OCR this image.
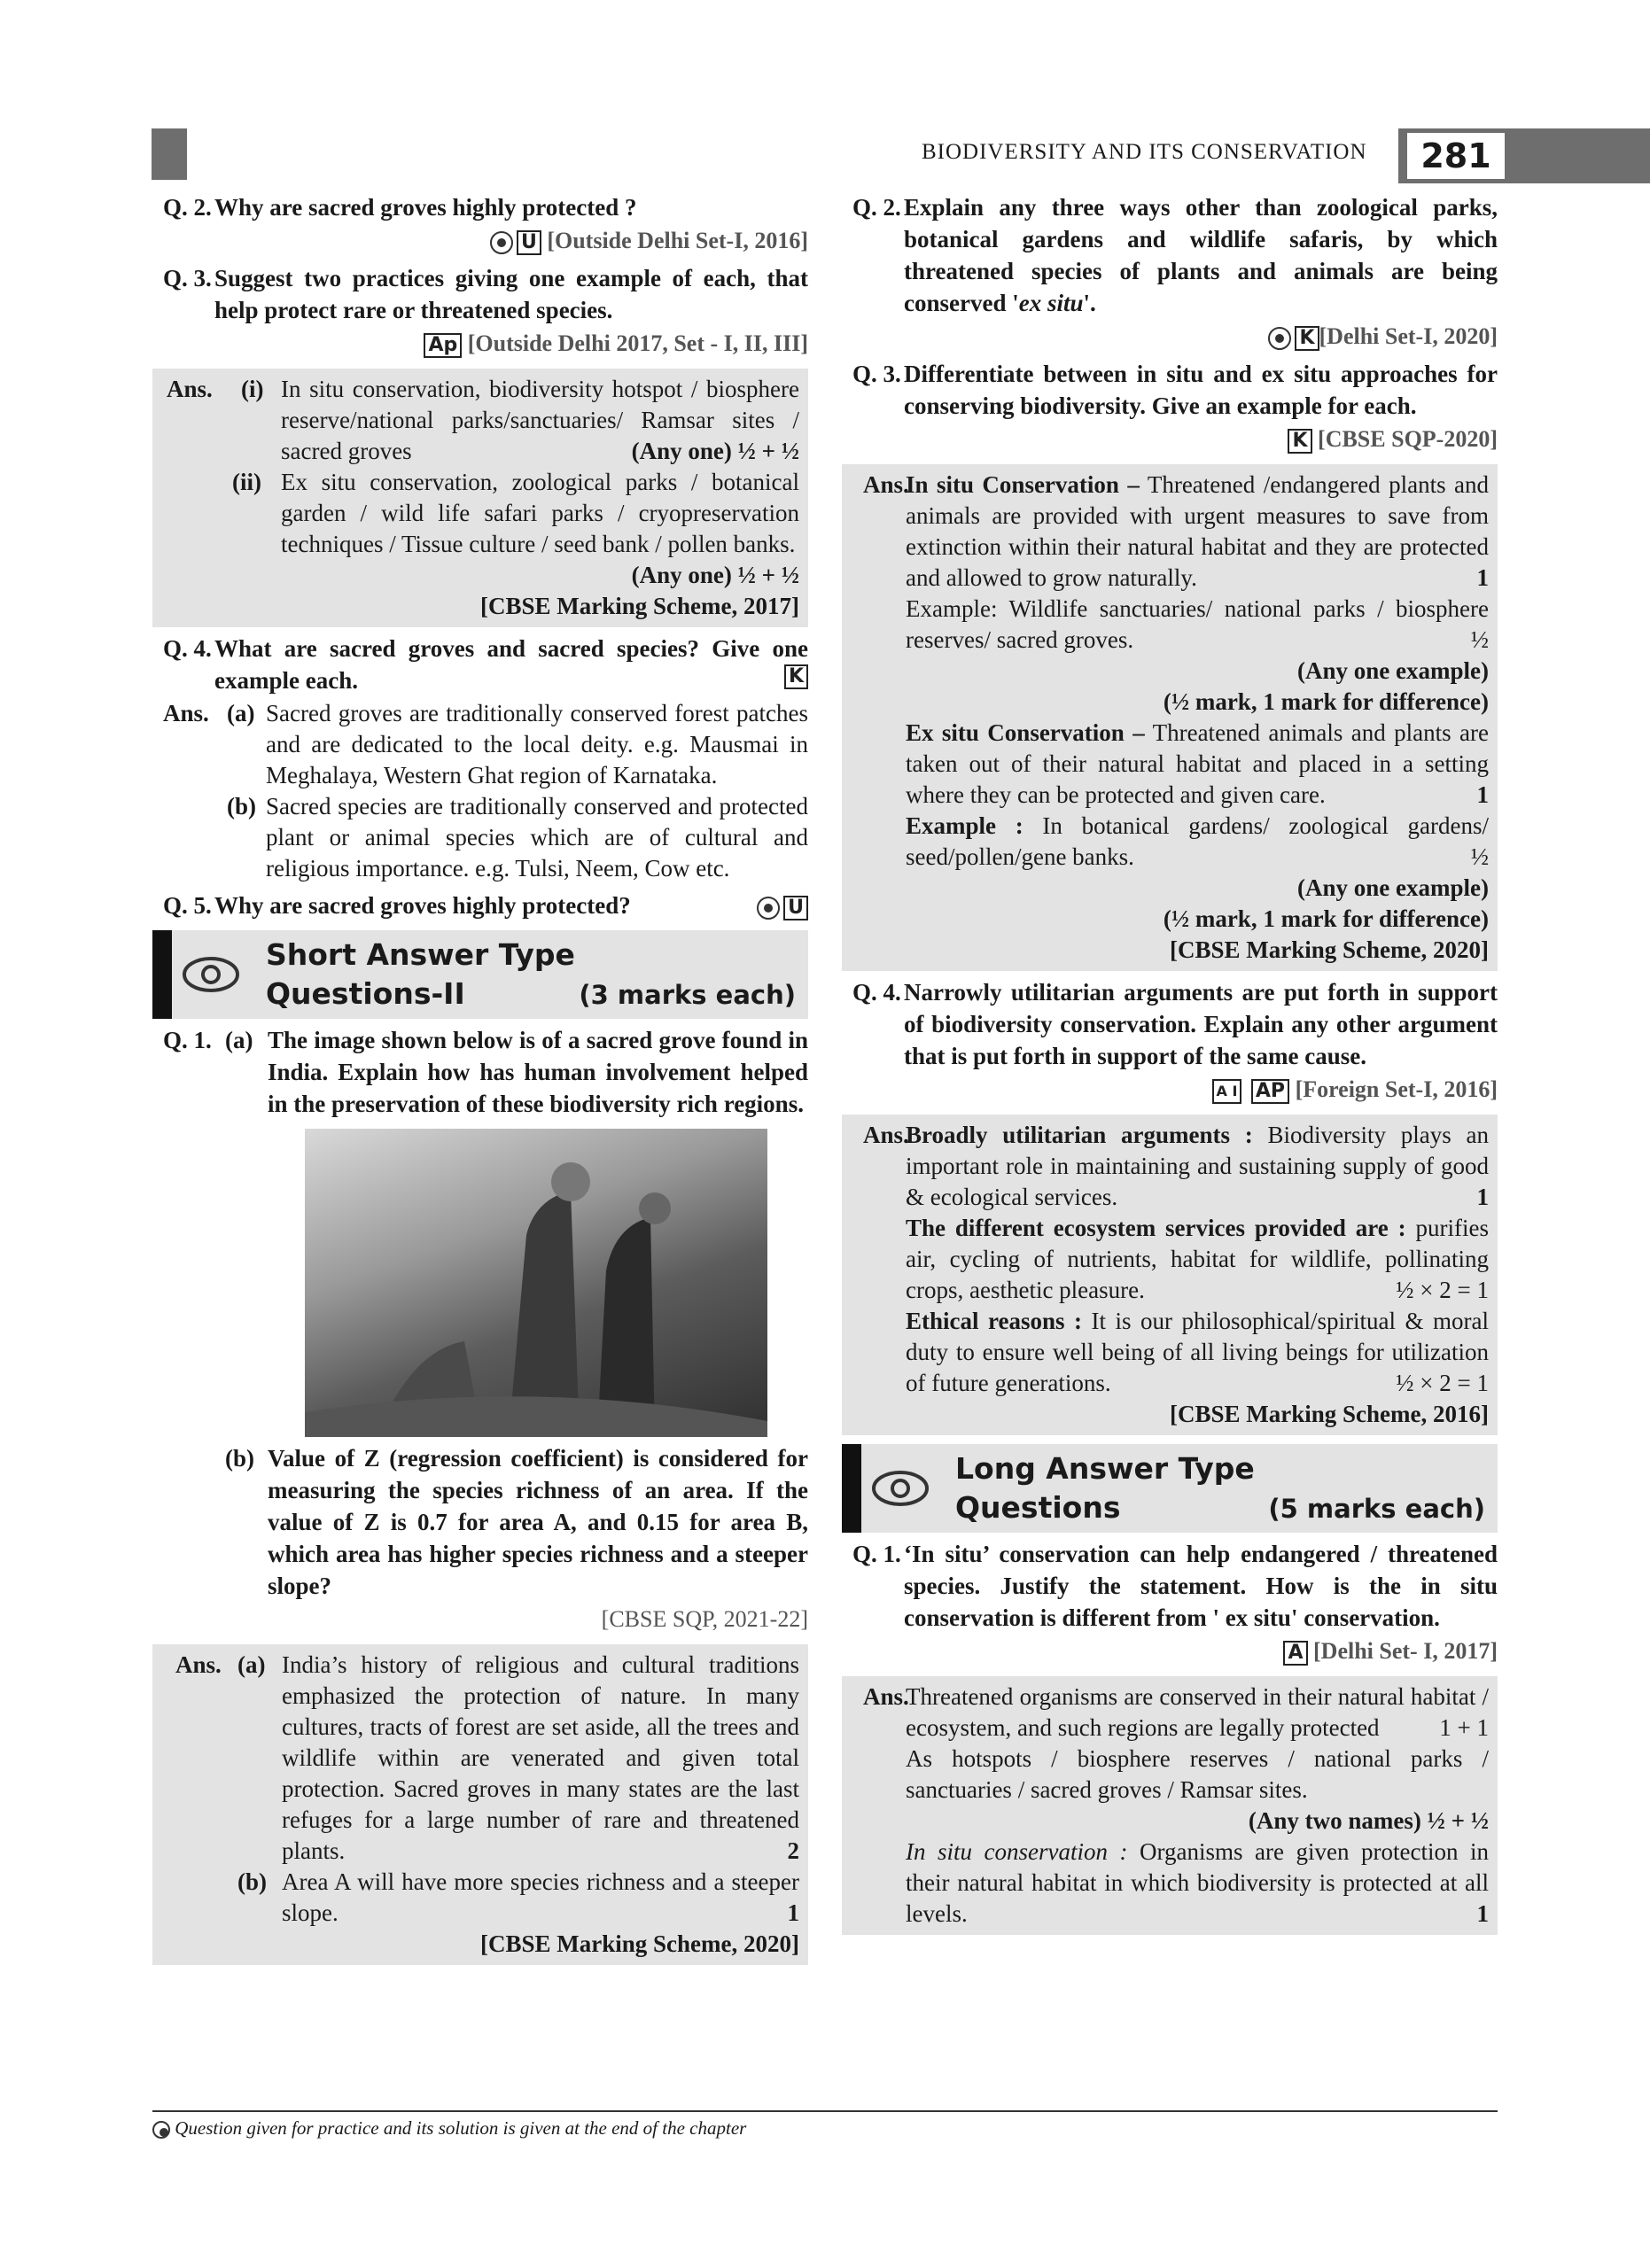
BIODIVERSITY AND ITS CONSERVATION	281
Q. 2. Why are sacred groves highly protected ?
U [Outside Delhi Set-I, 2016]
Q. 3. Suggest two practices giving one example of each, that help protect rare or threatened species.
Ap [Outside Delhi 2017, Set - I, II, III]
Ans. (i) In situ conservation, biodiversity hotspot / biosphere reserve/national parks/sanctuaries/ Ramsar sites / sacred groves	(Any one) ½ + ½
(ii) Ex situ conservation, zoological parks / botanical garden / wild life safari parks / cryopreservation techniques / Tissue culture / seed bank / pollen banks.
(Any one) ½ + ½
[CBSE Marking Scheme, 2017]
Q. 4. What are sacred groves and sacred species? Give one example each.	K
Ans. (a) Sacred groves are traditionally conserved forest patches and are dedicated to the local deity. e.g. Mausmai in Meghalaya, Western Ghat region of Karnataka.
(b) Sacred species are traditionally conserved and protected plant or animal species which are of cultural and religious importance. e.g. Tulsi, Neem, Cow etc.
Q. 5. Why are sacred groves highly protected?	U
Short Answer Type
Questions-II	(3 marks each)
Q. 1. (a) The image shown below is of a sacred grove found in India. Explain how has human involvement helped in the preservation of these biodiversity rich regions.
(b) Value of Z (regression coefficient) is considered for measuring the species richness of an area. If the value of Z is 0.7 for area A, and 0.15 for area B, which area has higher species richness and a steeper slope?
[CBSE SQP, 2021-22]
Ans. (a) India’s history of religious and cultural traditions emphasized the protection of nature. In many cultures, tracts of forest are set aside, all the trees and wildlife within are venerated and given total protection. Sacred groves in many states are the last refuges for a large number of rare and threatened plants.	2
(b) Area A will have more species richness and a steeper slope.	1
[CBSE Marking Scheme, 2020]
Q. 2. Explain any three ways other than zoological parks, botanical gardens and wildlife safaris, by which threatened species of plants and animals are being conserved 'ex situ'.
K [Delhi Set-I, 2020]
Q. 3. Differentiate between in situ and ex situ approaches for conserving biodiversity. Give an example for each.
K [CBSE SQP-2020]
Ans.
In situ Conservation – Threatened /endangered plants and animals are provided with urgent measures to save from extinction within their natural habitat and they are protected and allowed to grow naturally.	1
Example: Wildlife sanctuaries/ national parks / biosphere reserves/ sacred groves.	½
(Any one example)
(½ mark, 1 mark for difference)
Ex situ Conservation – Threatened animals and plants are taken out of their natural habitat and placed in a setting where they can be protected and given care.	1
Example : In botanical gardens/ zoological gardens/ seed/pollen/gene banks.	½
(Any one example)
(½ mark, 1 mark for difference)
[CBSE Marking Scheme, 2020]
Q. 4. Narrowly utilitarian arguments are put forth in support of biodiversity conservation. Explain any other argument that is put forth in support of the same cause.
A I AP [Foreign Set-I, 2016]
Ans.
Broadly utilitarian arguments : Biodiversity plays an important role in maintaining and sustaining supply of good & ecological services.	1
The different ecosystem services provided are : purifies air, cycling of nutrients, habitat for wildlife, pollinating crops, aesthetic pleasure.	½ × 2 = 1
Ethical reasons : It is our philosophical/spiritual & moral duty to ensure well being of all living beings for utilization of future generations.	½ × 2 = 1
[CBSE Marking Scheme, 2016]
Long Answer Type
Questions	(5 marks each)
Q. 1. ‘In situ’ conservation can help endangered / threatened species. Justify the statement. How is the in situ conservation is different from ' ex situ' conservation.
A [Delhi Set- I, 2017]
Ans.
Threatened organisms are conserved in their natural habitat / ecosystem, and such regions are legally protected	1 + 1
As hotspots / biosphere reserves / national parks / sanctuaries / sacred groves / Ramsar sites.
(Any two names) ½ + ½
In situ conservation : Organisms are given protection in their natural habitat in which biodiversity is protected at all levels.	1
Question given for practice and its solution is given at the end of the chapter
